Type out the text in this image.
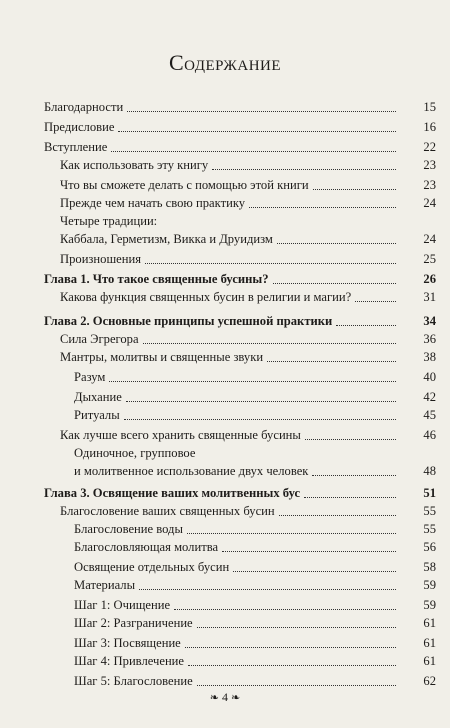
Содержание
Благодарности	15
Предисловие	16
Вступление	22
Как использовать эту книгу	23
Что вы сможете делать с помощью этой книги	23
Прежде чем начать свою практику	24
Четыре традиции:
Каббала, Герметизм, Викка и Друидизм	24
Произношения	25
Глава 1. Что такое священные бусины?	26
Какова функция священных бусин в религии и магии?	31
Глава 2. Основные принципы успешной практики	34
Сила Эгрегора	36
Мантры, молитвы и священные звуки	38
Разум	40
Дыхание	42
Ритуалы	45
Как лучше всего хранить священные бусины	46
Одиночное, групповое
и молитвенное использование двух человек	48
Глава 3. Освящение ваших молитвенных бус	51
Благословение ваших священных бусин	55
Благословение воды	55
Благословляющая молитва	56
Освящение отдельных бусин	58
Материалы	59
Шаг 1: Очищение	59
Шаг 2: Разграничение	61
Шаг 3: Посвящение	61
Шаг 4: Привлечение	61
Шаг 5: Благословение	62
❧ 4 ❧
